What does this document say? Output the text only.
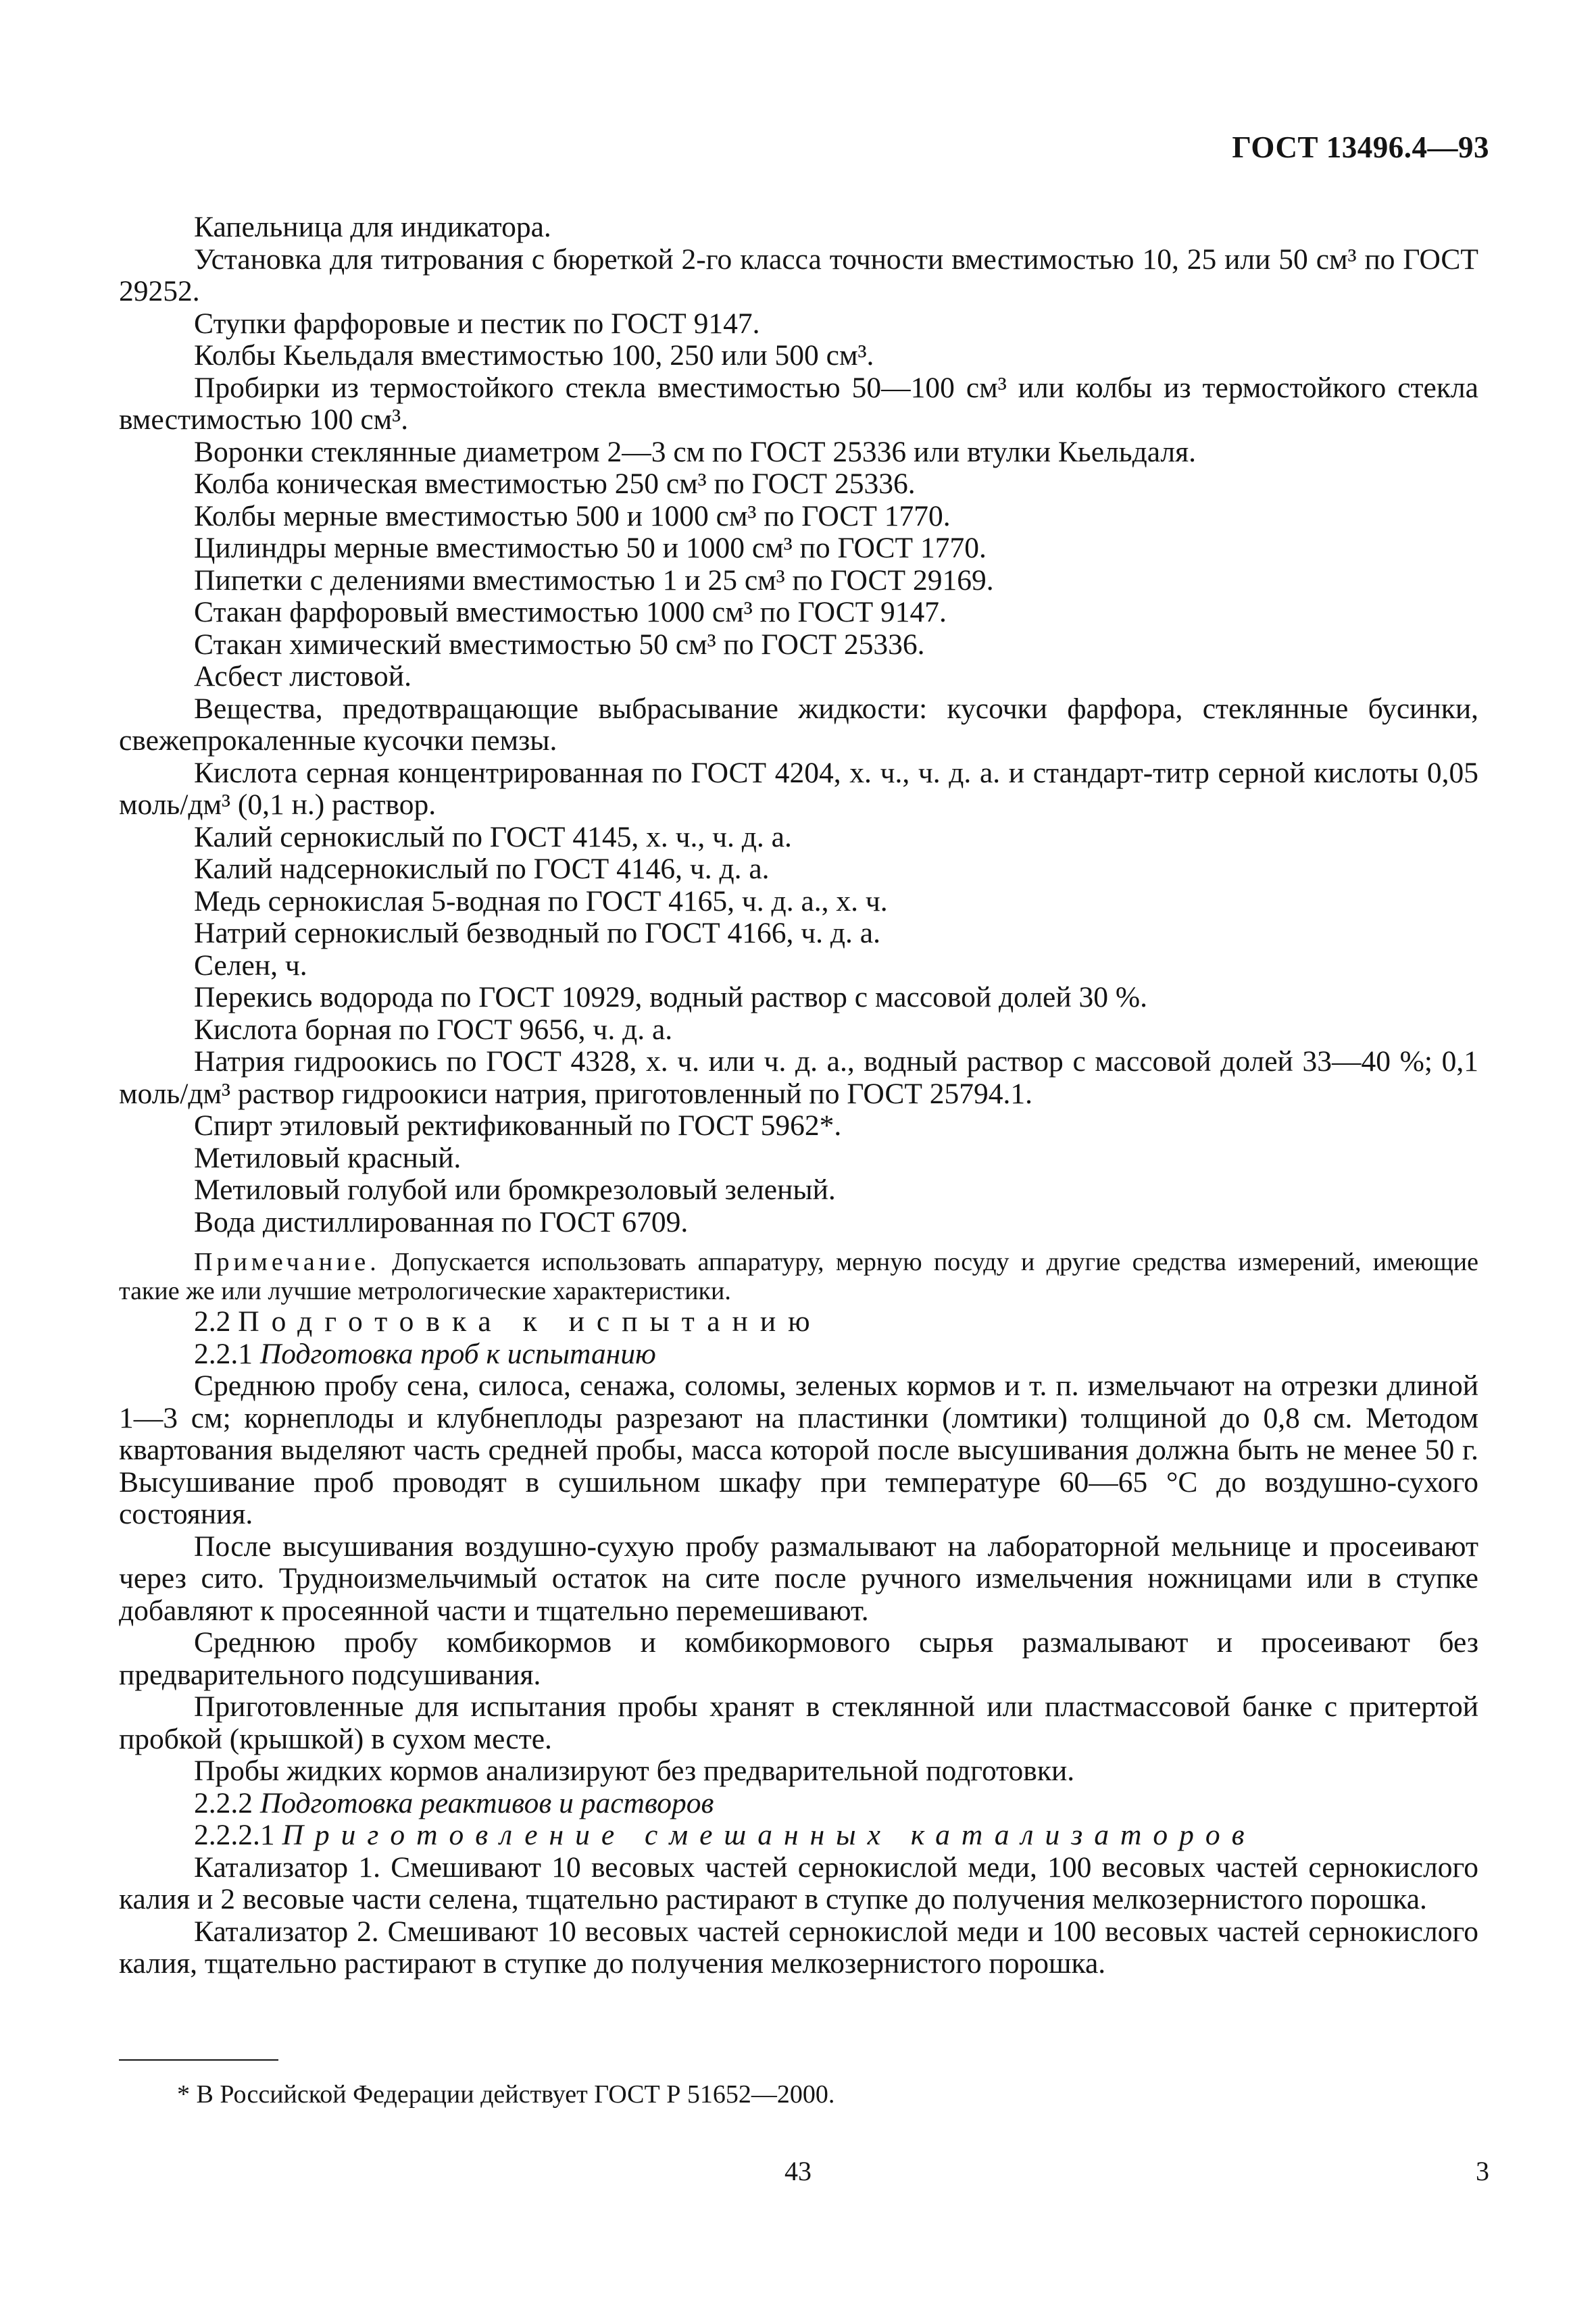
ГОСТ 13496.4—93

Капельница для индикатора.

Установка для титрования с бюреткой 2-го класса точности вместимостью 10, 25 или 50 см³ по ГОСТ 29252.

Ступки фарфоровые и пестик по ГОСТ 9147.

Колбы Кьельдаля вместимостью 100, 250 или 500 см³.

Пробирки из термостойкого стекла вместимостью 50—100 см³ или колбы из термостойкого стекла вместимостью 100 см³.

Воронки стеклянные диаметром 2—3 см по ГОСТ 25336 или втулки Кьельдаля.

Колба коническая вместимостью 250 см³ по ГОСТ 25336.

Колбы мерные вместимостью 500 и 1000 см³ по ГОСТ 1770.

Цилиндры мерные вместимостью 50 и 1000 см³ по ГОСТ 1770.

Пипетки с делениями вместимостью 1 и 25 см³ по ГОСТ 29169.

Стакан фарфоровый вместимостью 1000 см³ по ГОСТ 9147.

Стакан химический вместимостью 50 см³ по ГОСТ 25336.

Асбест листовой.

Вещества, предотвращающие выбрасывание жидкости: кусочки фарфора, стеклянные бусинки, свежепрокаленные кусочки пемзы.

Кислота серная концентрированная по ГОСТ 4204, х. ч., ч. д. а. и стандарт-титр серной кислоты 0,05 моль/дм³ (0,1 н.) раствор.

Калий сернокислый по ГОСТ 4145, х. ч., ч. д. а.

Калий надсернокислый по ГОСТ 4146, ч. д. а.

Медь сернокислая 5-водная по ГОСТ 4165, ч. д. а., х. ч.

Натрий сернокислый безводный по ГОСТ 4166, ч. д. а.

Селен, ч.

Перекись водорода по ГОСТ 10929, водный раствор с массовой долей 30 %.

Кислота борная по ГОСТ 9656, ч. д. а.

Натрия гидроокись по ГОСТ 4328, х. ч. или ч. д. а., водный раствор с массовой долей 33—40 %; 0,1 моль/дм³ раствор гидроокиси натрия, приготовленный по ГОСТ 25794.1.

Спирт этиловый ректификованный по ГОСТ 5962*.

Метиловый красный.

Метиловый голубой или бромкрезоловый зеленый.

Вода дистиллированная по ГОСТ 6709.

Примечание. Допускается использовать аппаратуру, мерную посуду и другие средства измерений, имеющие такие же или лучшие метрологические характеристики.

2.2 Подготовка к испытанию

2.2.1 Подготовка проб к испытанию

Среднюю пробу сена, силоса, сенажа, соломы, зеленых кормов и т. п. измельчают на отрезки длиной 1—3 см; корнеплоды и клубнеплоды разрезают на пластинки (ломтики) толщиной до 0,8 см. Методом квартования выделяют часть средней пробы, масса которой после высушивания должна быть не менее 50 г. Высушивание проб проводят в сушильном шкафу при температуре 60—65 °С до воздушно-сухого состояния.

После высушивания воздушно-сухую пробу размалывают на лабораторной мельнице и просеивают через сито. Трудноизмельчимый остаток на сите после ручного измельчения ножницами или в ступке добавляют к просеянной части и тщательно перемешивают.

Среднюю пробу комбикормов и комбикормового сырья размалывают и просеивают без предварительного подсушивания.

Приготовленные для испытания пробы хранят в стеклянной или пластмассовой банке с притертой пробкой (крышкой) в сухом месте.

Пробы жидких кормов анализируют без предварительной подготовки.

2.2.2 Подготовка реактивов и растворов

2.2.2.1 Приготовление смешанных катализаторов

Катализатор 1. Смешивают 10 весовых частей сернокислой меди, 100 весовых частей сернокислого калия и 2 весовые части селена, тщательно растирают в ступке до получения мелкозернистого порошка.

Катализатор 2. Смешивают 10 весовых частей сернокислой меди и 100 весовых частей сернокислого калия, тщательно растирают в ступке до получения мелкозернистого порошка.

* В Российской Федерации действует ГОСТ Р 51652—2000.
43	3
